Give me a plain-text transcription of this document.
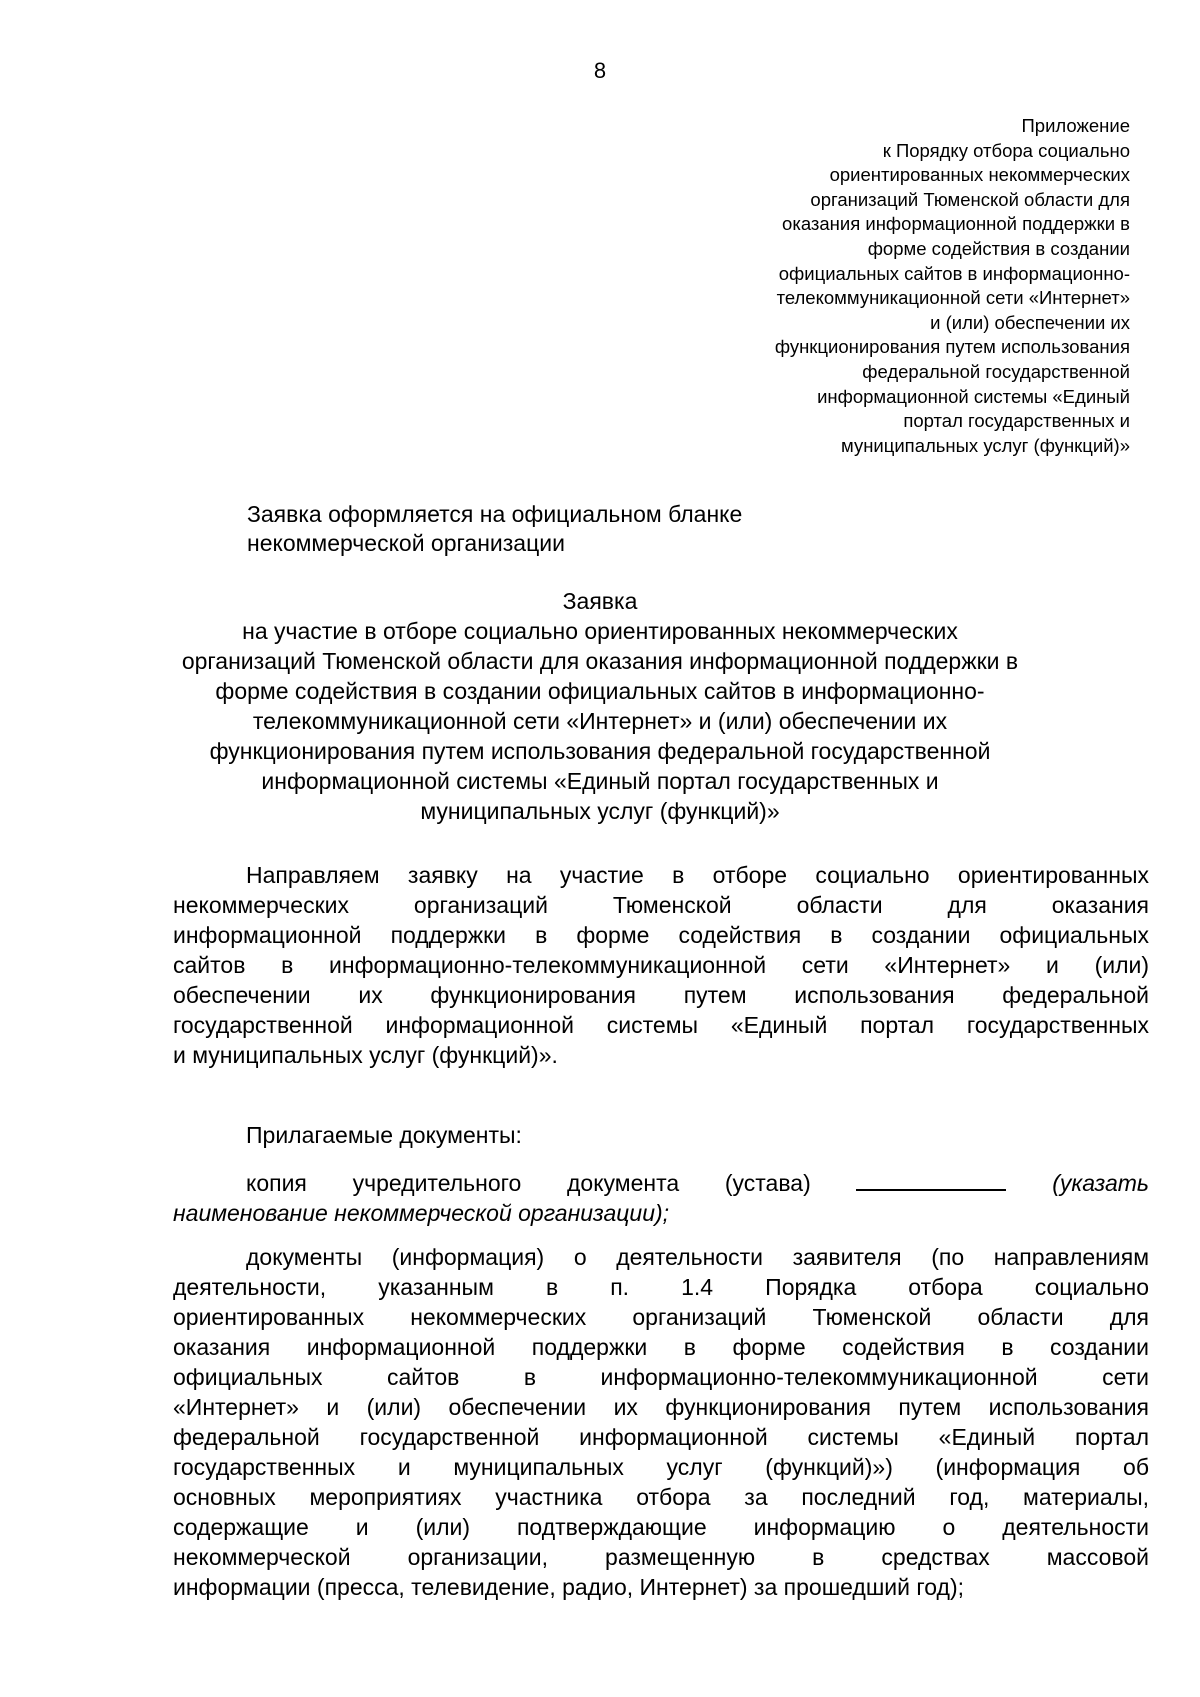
8
Приложение
к Порядку отбора социально
ориентированных некоммерческих
организаций Тюменской области для
оказания информационной поддержки в
форме содействия в создании
официальных сайтов в информационно-
телекоммуникационной сети «Интернет»
и (или) обеспечении их
функционирования путем использования
федеральной государственной
информационной системы «Единый
портал государственных и
муниципальных услуг (функций)»
Заявка оформляется на официальном бланке
некоммерческой организации
Заявка
на участие в отборе социально ориентированных некоммерческих
организаций Тюменской области для оказания информационной поддержки в
форме содействия в создании официальных сайтов в информационно-
телекоммуникационной сети «Интернет» и (или) обеспечении их
функционирования путем использования федеральной государственной
информационной системы «Единый портал государственных и
муниципальных услуг (функций)»
Направляем заявку на участие в отборе социально ориентированных
некоммерческих организаций Тюменской области для оказания
информационной поддержки в форме содействия в создании официальных
сайтов в информационно-телекоммуникационной сети «Интернет» и (или)
обеспечении их функционирования путем использования федеральной
государственной информационной системы «Единый портал государственных
и муниципальных услуг (функций)».
Прилагаемые документы:
копия учредительного документа (устава)	(указать
наименование некоммерческой организации);
документы (информация) о деятельности заявителя (по направлениям
деятельности, указанным в п. 1.4 Порядка отбора социально
ориентированных некоммерческих организаций Тюменской области для
оказания информационной поддержки в форме содействия в создании
официальных сайтов в информационно-телекоммуникационной сети
«Интернет» и (или) обеспечении их функционирования путем использования
федеральной государственной информационной системы «Единый портал
государственных и муниципальных услуг (функций)») (информация об
основных мероприятиях участника отбора за последний год, материалы,
содержащие и (или) подтверждающие информацию о деятельности
некоммерческой организации, размещенную в средствах массовой
информации (пресса, телевидение, радио, Интернет) за прошедший год);
